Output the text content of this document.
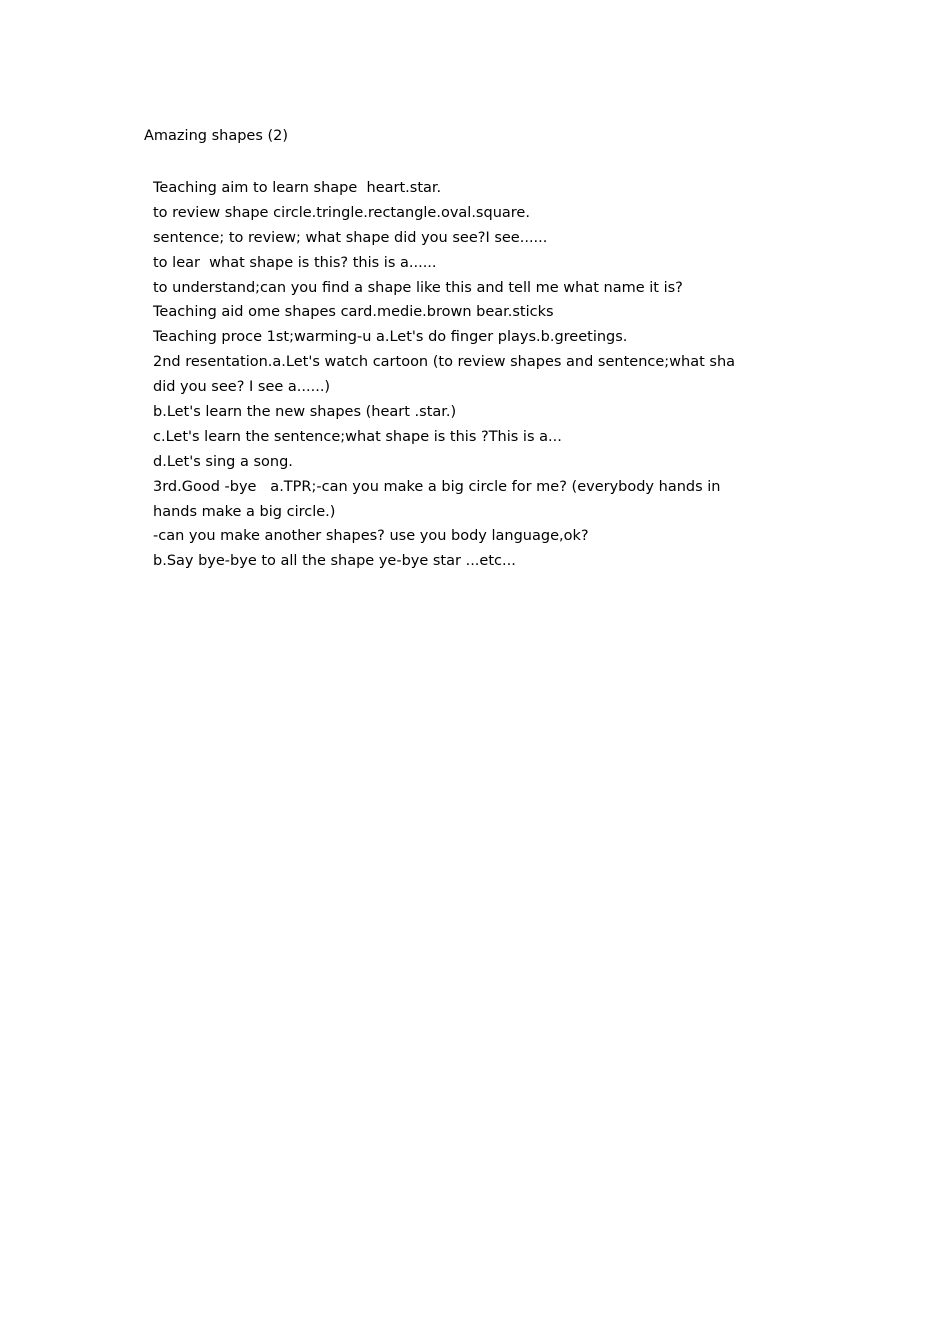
Amazing shapes (2)
Teaching aim to learn shape  heart.star.
to review shape circle.tringle.rectangle.oval.square.
sentence; to review; what shape did you see?I see......
to lear  what shape is this? this is a......
to understand;can you find a shape like this and tell me what name it is?
Teaching aid ome shapes card.medie.brown bear.sticks
Teaching proce 1st;warming-u a.Let's do finger plays.b.greetings.
2nd resentation.a.Let's watch cartoon (to review shapes and sentence;what sha
did you see? I see a......)
b.Let's learn the new shapes (heart .star.)
c.Let's learn the sentence;what shape is this ?This is a...
d.Let's sing a song.
3rd.Good -bye   a.TPR;-can you make a big circle for me? (everybody hands in
hands make a big circle.)
-can you make another shapes? use you body language,ok?
b.Say bye-bye to all the shape ye-bye star ...etc...
